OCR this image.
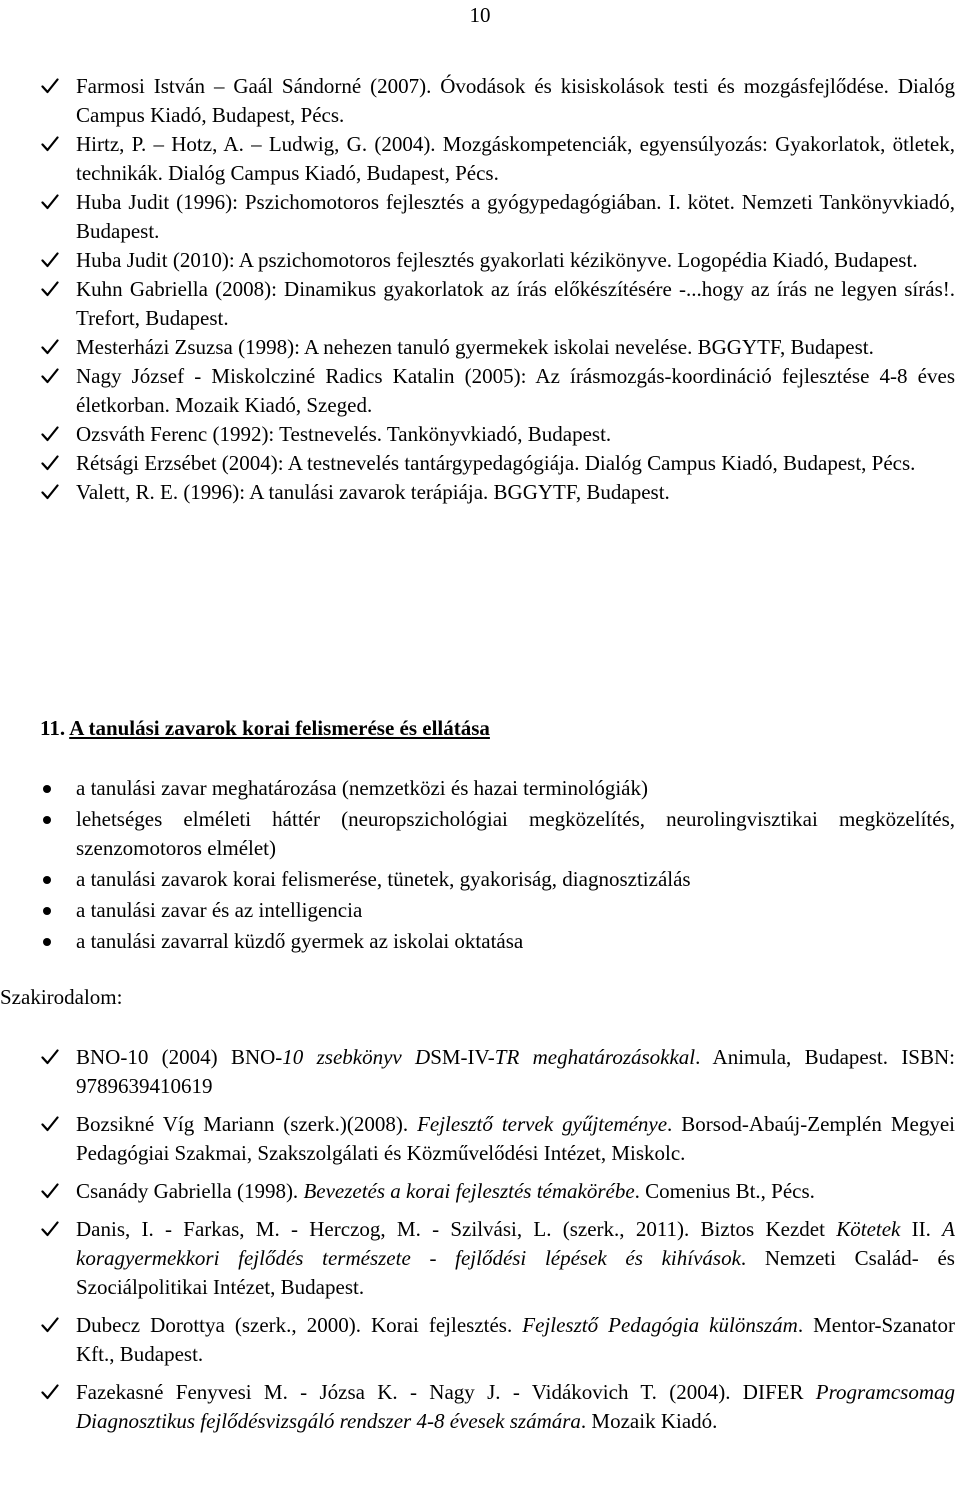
10
Farmosi István – Gaál Sándorné (2007). Óvodások és kisiskolások testi és mozgásfejlődése. Dialóg Campus Kiadó, Budapest, Pécs.
Hirtz, P. – Hotz, A. – Ludwig, G. (2004). Mozgáskompetenciák, egyensúlyozás: Gyakorlatok, ötletek, technikák. Dialóg Campus Kiadó, Budapest, Pécs.
Huba Judit (1996): Pszichomotoros fejlesztés a gyógypedagógiában. I. kötet. Nemzeti Tankönyvkiadó, Budapest.
Huba Judit (2010): A pszichomotoros fejlesztés gyakorlati kézikönyve. Logopédia Kiadó, Budapest.
Kuhn Gabriella (2008): Dinamikus gyakorlatok az írás előkészítésére -...hogy az írás ne legyen sírás!. Trefort, Budapest.
Mesterházi Zsuzsa (1998): A nehezen tanuló gyermekek iskolai nevelése. BGGYTF, Budapest.
Nagy József - Miskolcziné Radics Katalin (2005): Az írásmozgás-koordináció fejlesztése 4-8 éves életkorban. Mozaik Kiadó, Szeged.
Ozsváth Ferenc (1992): Testnevelés. Tankönyvkiadó, Budapest.
Rétsági Erzsébet (2004): A testnevelés tantárgypedagógiája. Dialóg Campus Kiadó, Budapest, Pécs.
Valett, R. E. (1996): A tanulási zavarok terápiája. BGGYTF, Budapest.
11. A tanulási zavarok korai felismerése és ellátása
a tanulási zavar meghatározása (nemzetközi és hazai terminológiák)
lehetséges elméleti háttér (neuropszichológiai megközelítés, neurolingvisztikai megközelítés, szenzomotoros elmélet)
a tanulási zavarok korai felismerése, tünetek, gyakoriság, diagnosztizálás
a tanulási zavar és az intelligencia
a tanulási zavarral küzdő gyermek az iskolai oktatása
Szakirodalom:
BNO-10 (2004) BNO-10 zsebkönyv DSM-IV-TR meghatározásokkal. Animula, Budapest. ISBN: 9789639410619
Bozsikné Víg Mariann (szerk.)(2008). Fejlesztő tervek gyűjteménye. Borsod-Abaúj-Zemplén Megyei Pedagógiai Szakmai, Szakszolgálati és Közművelődési Intézet, Miskolc.
Csanády Gabriella (1998). Bevezetés a korai fejlesztés témakörébe. Comenius Bt., Pécs.
Danis, I. - Farkas, M. - Herczog, M. - Szilvási, L. (szerk., 2011). Biztos Kezdet Kötetek II. A koragyermekkori fejlődés természete - fejlődési lépések és kihívások. Nemzeti Család- és Szociálpolitikai Intézet, Budapest.
Dubecz Dorottya (szerk., 2000). Korai fejlesztés. Fejlesztő Pedagógia különszám. Mentor-Szanator Kft., Budapest.
Fazekasné Fenyvesi M. - Józsa K. - Nagy J. - Vidákovich T. (2004). DIFER Programcsomag Diagnosztikus fejlődésvizsgáló rendszer 4-8 évesek számára. Mozaik Kiadó.
